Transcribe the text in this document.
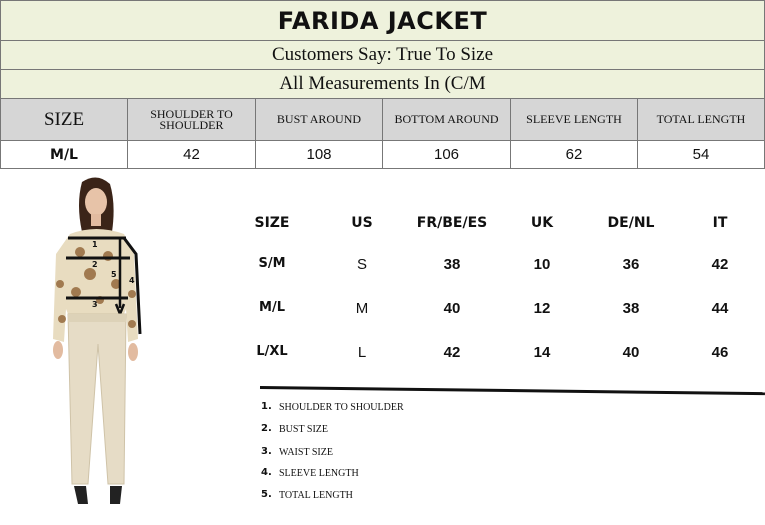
FARIDA JACKET
Customers Say: True To Size
All Measurements In (C/M
SIZE	SHOULDER TO SHOULDER	BUST AROUND	BOTTOM AROUND	SLEEVE LENGTH	TOTAL LENGTH
M/L	42	108	106	62	54
1
2
3
4
5
SIZE	US	FR/BE/ES	UK	DE/NL	IT
S/M	S	38	10	36	42
M/L	M	40	12	38	44
L/XL	L	42	14	40	46
1. SHOULDER TO SHOULDER
2. BUST SIZE
3. WAIST SIZE
4. SLEEVE LENGTH
5. TOTAL LENGTH
